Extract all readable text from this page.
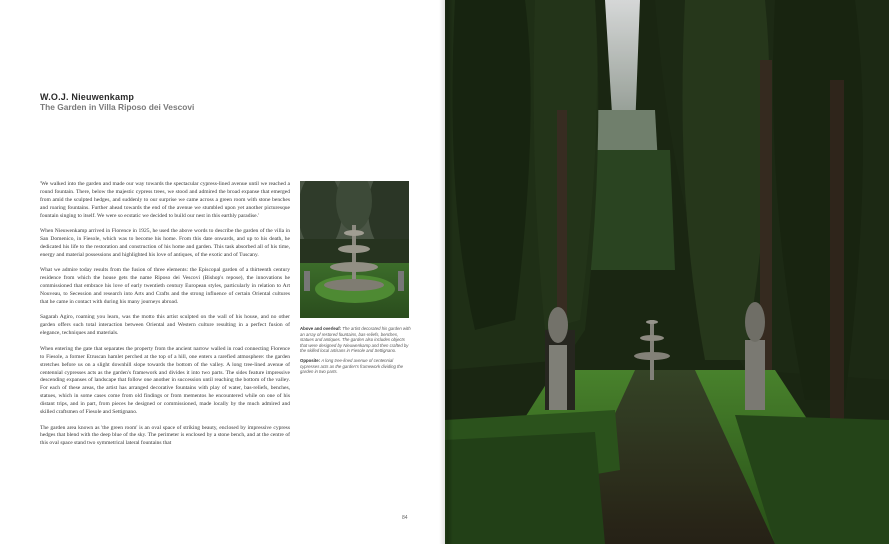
W.O.J. Nieuwenkamp
The Garden in Villa Riposo dei Vescovi

'We walked into the garden and made our way towards the spectacular cypress-lined avenue until we reached a round fountain. There, below the majestic cypress trees, we stood and admired the broad expanse that emerged from amid the sculpted hedges, and suddenly to our surprise we came across a green room with stone benches and roaring fountains. Further ahead towards the end of the avenue we stumbled upon yet another picturesque fountain singing to itself. We were so ecstatic we decided to build our nest in this earthly paradise.'

When Nieuwenkamp arrived in Florence in 1925, he used the above words to describe the garden of the villa in San Domenico, in Fiesole, which was to become his home. From this date onwards, and up to his death, he dedicated his life to the restoration and construction of his home and garden. This task absorbed all of his time, energy and material possessions and highlighted his love of antiques, of the exotic and of Tuscany.

What we admire today results from the fusion of three elements: the Episcopal garden of a thirteenth century residence from which the house gets the name Riposo dei Vescovi (Bishop's repose), the innovations he commissioned that embrace his love of early twentieth century European styles, particularly in relation to Art Nouveau, to Secession and research into Arts and Crafts and the strong influence of certain Oriental cultures that he came in contact with during his many journeys abroad.

Sagarah Agiro, roaming you learn, was the motto this artist sculpted on the wall of his house, and no other garden offers such total interaction between Oriental and Western culture resulting in a perfect fusion of elegance, techniques and materials.

When entering the gate that separates the property from the ancient narrow walled in road connecting Florence to Fiesole, a former Etruscan hamlet perched at the top of a hill, one enters a rarefied atmosphere: the garden stretches before us on a slight downhill slope towards the bottom of the valley. A long tree-lined avenue of centennial cypresses acts as the garden's framework and divides it into two parts. The sides feature impressive descending expanses of landscape that follow one another in succession until reaching the bottom of the valley. For each of these areas, the artist has arranged decorative fountains with play of water, bas-reliefs, benches, statues, which in some cases come from old findings or from mementos he encountered while on one of his distant trips, and in part, from pieces he designed or commissioned, made locally by the much admired and skilled craftsmen of Fiesole and Settignano.

The garden area known as 'the green room' is an oval space of striking beauty, enclosed by impressive cypress hedges that blend with the deep blue of the sky. The perimeter is enclosed by a stone bench, and at the centre of this oval space stand two symmetrical lateral fountains that

Above and overleaf: The artist decorated his garden with an array of restored fountains, bas-reliefs, benches, statues and antiques. The garden also includes objects that were designed by Nieuwenkamp and then crafted by the skilled local artisans in Fiesole and Settignano.

Opposite: A long tree-lined avenue of centennial cypresses acts as the garden's framework dividing the garden in two parts.

84
